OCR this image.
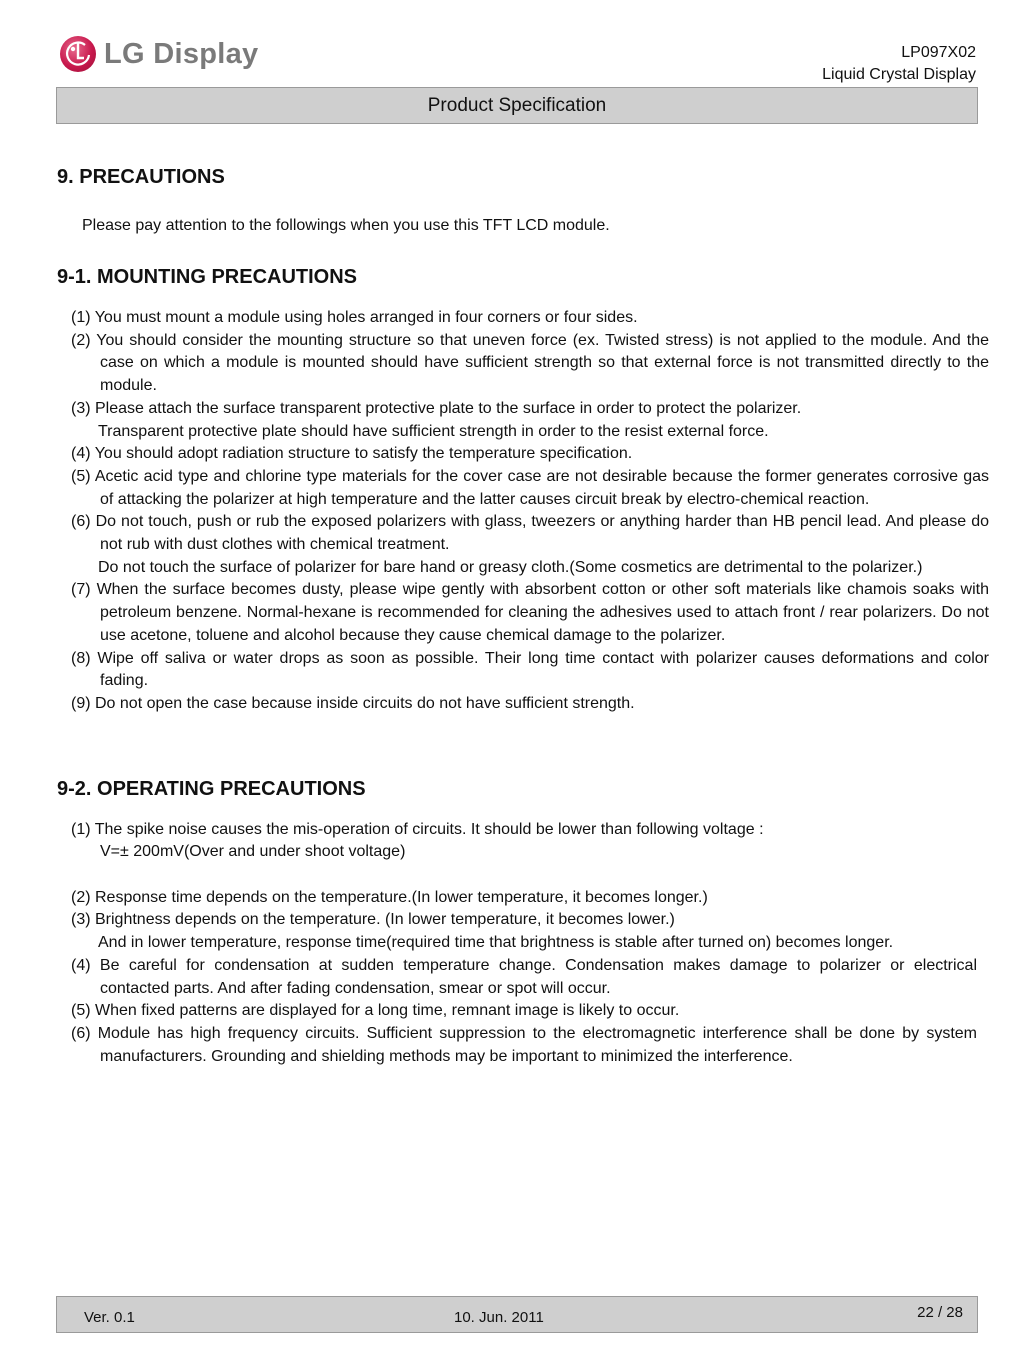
LG Display	LP097X02
Liquid Crystal Display
Product Specification
9. PRECAUTIONS
Please pay attention to the followings when you use this TFT LCD module.
9-1. MOUNTING PRECAUTIONS
(1) You must mount a module using holes arranged in four corners or four sides.
(2) You should consider the mounting structure so that uneven force (ex. Twisted stress) is not applied to the module. And the case on which a module is mounted should have sufficient strength so that external force is not transmitted directly to the module.
(3) Please attach the surface transparent protective plate to the surface in order to protect the polarizer.
Transparent protective plate should have sufficient strength in order to the resist external force.
(4) You should adopt radiation structure to satisfy the temperature specification.
(5) Acetic acid type and chlorine type materials for the cover case are not desirable because the former generates corrosive gas of attacking the polarizer at high temperature and the latter causes circuit break by electro-chemical reaction.
(6) Do not touch, push or rub the exposed polarizers with glass, tweezers or anything harder than HB pencil lead. And please do not rub with dust clothes with chemical treatment.
Do not touch the surface of polarizer for bare hand or greasy cloth.(Some cosmetics are detrimental to the polarizer.)
(7) When the surface becomes dusty, please wipe gently with absorbent cotton or other soft materials like chamois soaks with petroleum benzene. Normal-hexane is recommended for cleaning the adhesives used to attach front / rear polarizers. Do not use acetone, toluene and alcohol because they cause chemical damage to the polarizer.
(8) Wipe off saliva or water drops as soon as possible. Their long time contact with polarizer causes deformations and color fading.
(9) Do not open the case because inside circuits do not have sufficient strength.
9-2. OPERATING PRECAUTIONS
(1) The spike noise causes the mis-operation of circuits. It should be lower than following voltage :
V=± 200mV(Over and under shoot voltage)
(2) Response time depends on the temperature.(In lower temperature, it becomes longer.)
(3) Brightness depends on the temperature. (In lower temperature, it becomes lower.)
And in lower temperature, response time(required time that brightness is stable after turned on) becomes longer.
(4) Be careful for condensation at sudden temperature change. Condensation makes damage to polarizer or electrical contacted parts. And after fading condensation, smear or spot will occur.
(5) When fixed patterns are displayed for a long time, remnant image is likely to occur.
(6) Module has high frequency circuits. Sufficient suppression to the electromagnetic interference shall be done by system manufacturers. Grounding and shielding methods may be important to minimized the interference.
Ver. 0.1	10. Jun. 2011	22 / 28
